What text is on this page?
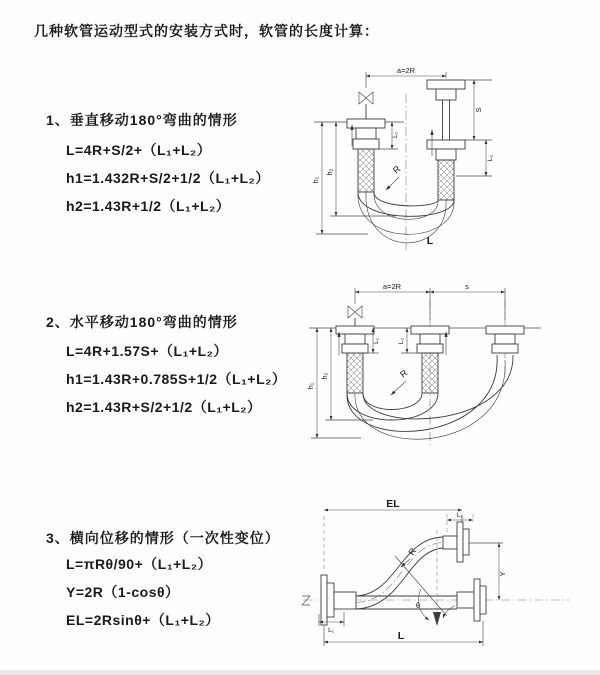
几种软管运动型式的安装方式时，软管的长度计算：
1、垂直移动180°弯曲的情形
L=4R+S/2+（L₁+L₂）
h1=1.432R+S/2+1/2（L₁+L₂）
h2=1.43R+1/2（L₁+L₂）
2、水平移动180°弯曲的情形
L=4R+1.57S+（L₁+L₂）
h1=1.43R+0.785S+1/2（L₁+L₂）
h2=1.43R+S/2+1/2（L₁+L₂）
3、横向位移的情形（一次性变位）
L=πRθ/90+（L₁+L₂）
Y=2R（1-cosθ）
EL=2Rsinθ+（L₁+L₂）
a=2R
h₁
h₂
L₁
S
L₂
R
L
a=2R	s
h₁
h₂
L₁	L₂
R
EL
L₂
Y
L
L₁
R
θ
